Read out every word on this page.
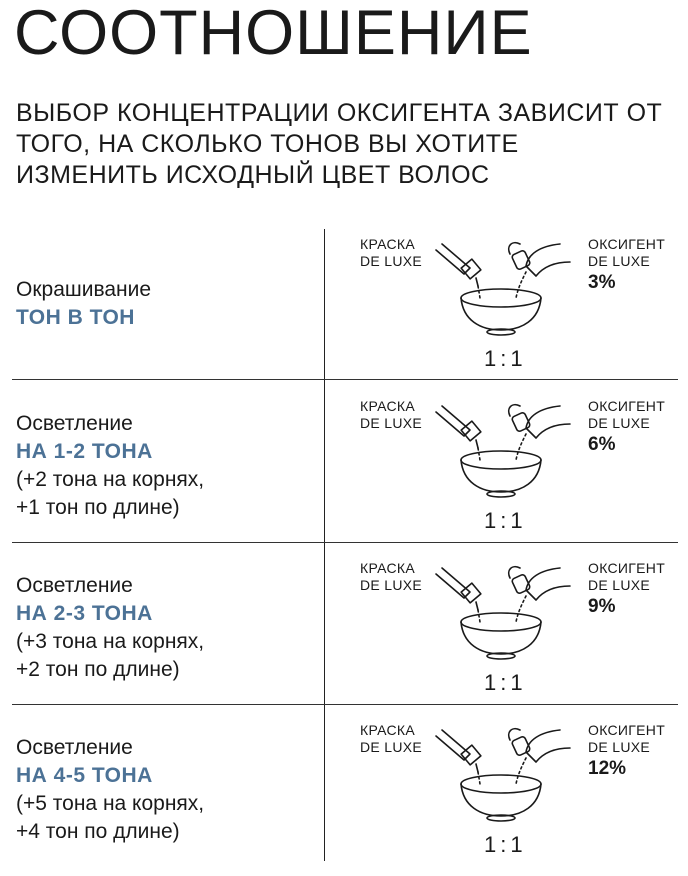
СООТНОШЕНИЕ
ВЫБОР КОНЦЕНТРАЦИИ ОКСИГЕНТА ЗАВИСИТ ОТ ТОГО, НА СКОЛЬКО ТОНОВ ВЫ ХОТИТЕ ИЗМЕНИТЬ ИСХОДНЫЙ ЦВЕТ ВОЛОС
Окрашивание
ТОН В ТОН
КРАСКА
DE LUXE
ОКСИГЕНТ
DE LUXE
3%
1:1
Осветление
НА 1-2 ТОНА
(+2 тона на корнях,
+1 тон по длине)
КРАСКА
DE LUXE
ОКСИГЕНТ
DE LUXE
6%
1:1
Осветление
НА 2-3 ТОНА
(+3 тона на корнях,
+2 тон по длине)
КРАСКА
DE LUXE
ОКСИГЕНТ
DE LUXE
9%
1:1
Осветление
НА 4-5 ТОНА
(+5 тона на корнях,
+4 тон по длине)
КРАСКА
DE LUXE
ОКСИГЕНТ
DE LUXE
12%
1:1
